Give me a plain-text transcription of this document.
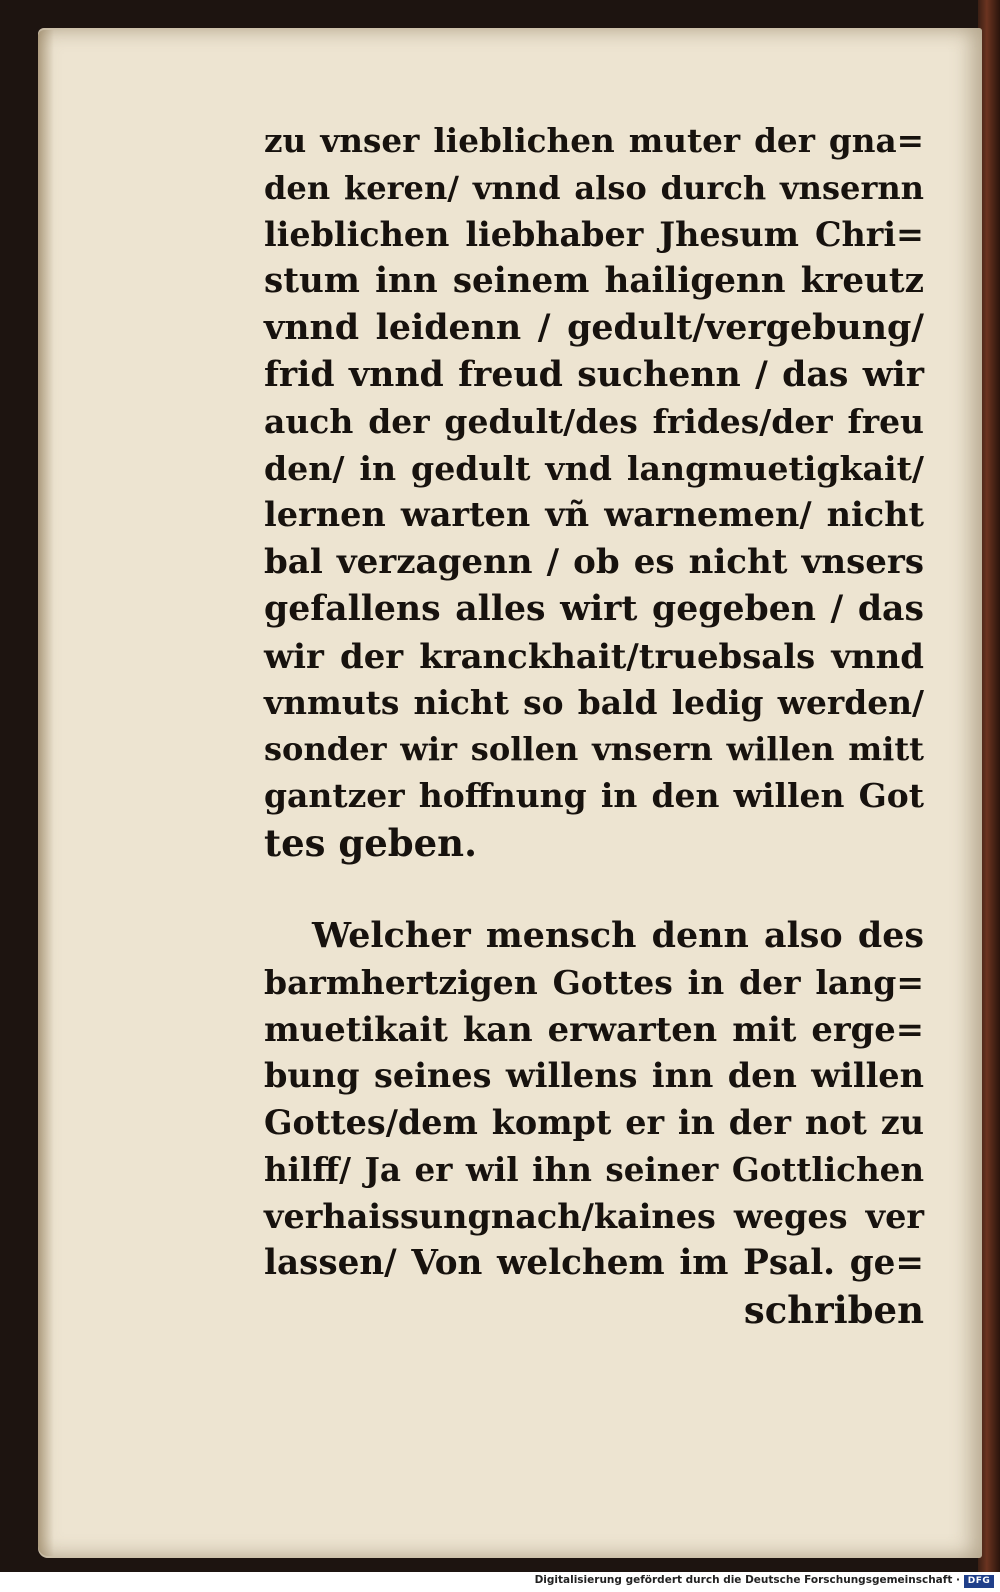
zu vnser lieblichen muter der gna=
den keren/ vnnd also durch vnsernn
lieblichen liebhaber Jhesum Chri=
stum inn seinem hailigenn kreutz
vnnd leidenn / gedult/vergebung/
frid vnnd freud suchenn / das wir
auch der gedult/des frides/der freu
den/ in gedult vnd langmuetigkait/
lernen warten vñ warnemen/ nicht
bal verzagenn / ob es nicht vnsers
gefallens alles wirt gegeben / das
wir der kranckhait/truebsals vnnd
vnmuts nicht so bald ledig werden/
sonder wir sollen vnsern willen mitt
gantzer hoffnung in den willen Got
tes geben.
Welcher mensch denn also des
barmhertzigen Gottes in der lang=
muetikait kan erwarten mit erge=
bung seines willens inn den willen
Gottes/dem kompt er in der not zu
hilff/ Ja er wil ihn seiner Gottlichen
verhaissungnach/kaines weges ver
lassen/ Von welchem im Psal. ge=
schriben
Digitalisierung gefördert durch die Deutsche Forschungsgemeinschaft · DFG
